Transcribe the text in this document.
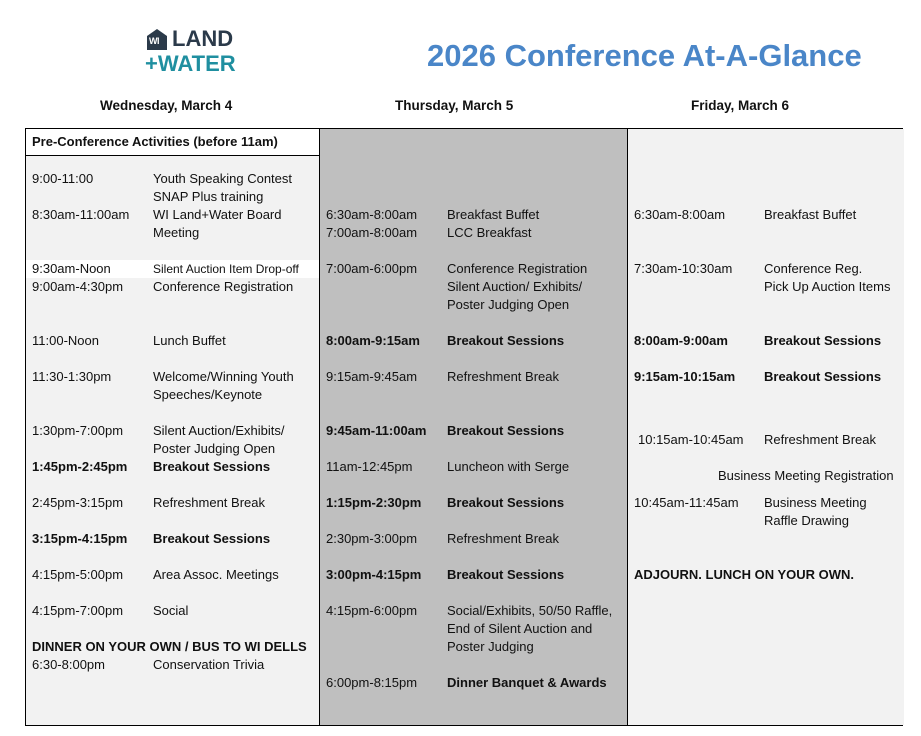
WI LAND
+WATER	2026 Conference At-A-Glance
Wednesday, March 4	Thursday, March 5	Friday, March 6
Pre-Conference Activities (before 11am)
9:00-11:00	Youth Speaking Contest
SNAP Plus training
8:30am-11:00am WI Land+Water Board
Meeting
9:30am-Noon	Silent Auction Item Drop-off
9:00am-4:30pm Conference Registration
11:00-Noon	Lunch Buffet
11:30-1:30pm	Welcome/Winning Youth
Speeches/Keynote
1:30pm-7:00pm Silent Auction/Exhibits/
Poster Judging Open
1:45pm-2:45pm Breakout Sessions
2:45pm-3:15pm Refreshment Break
3:15pm-4:15pm Breakout Sessions
4:15pm-5:00pm Area Assoc. Meetings
4:15pm-7:00pm Social
6:30-8:00pm	Conservation Trivia
DINNER ON YOUR OWN / BUS TO WI DELLS
6:30am-8:00am Breakfast Buffet
7:00am-8:00am LCC Breakfast
7:00am-6:00pm Conference Registration
Silent Auction/ Exhibits/
Poster Judging Open
8:00am-9:15am Breakout Sessions
9:15am-9:45am Refreshment Break
9:45am-11:00am Breakout Sessions
11am-12:45pm	Luncheon with Serge
1:15pm-2:30pm Breakout Sessions
2:30pm-3:00pm Refreshment Break
3:00pm-4:15pm Breakout Sessions
4:15pm-6:00pm Social/Exhibits, 50/50 Raffle,
End of Silent Auction and
Poster Judging
6:00pm-8:15pm Dinner Banquet & Awards
6:30am-8:00am	Breakfast Buffet
7:30am-10:30am Conference Reg.
Pick Up Auction Items
8:00am-9:00am	Breakout Sessions
9:15am-10:15am Breakout Sessions
10:15am-10:45am Refreshment Break
10:45am-11:45am Business Meeting
Raffle Drawing
Business Meeting Registration
ADJOURN. LUNCH ON YOUR OWN.
